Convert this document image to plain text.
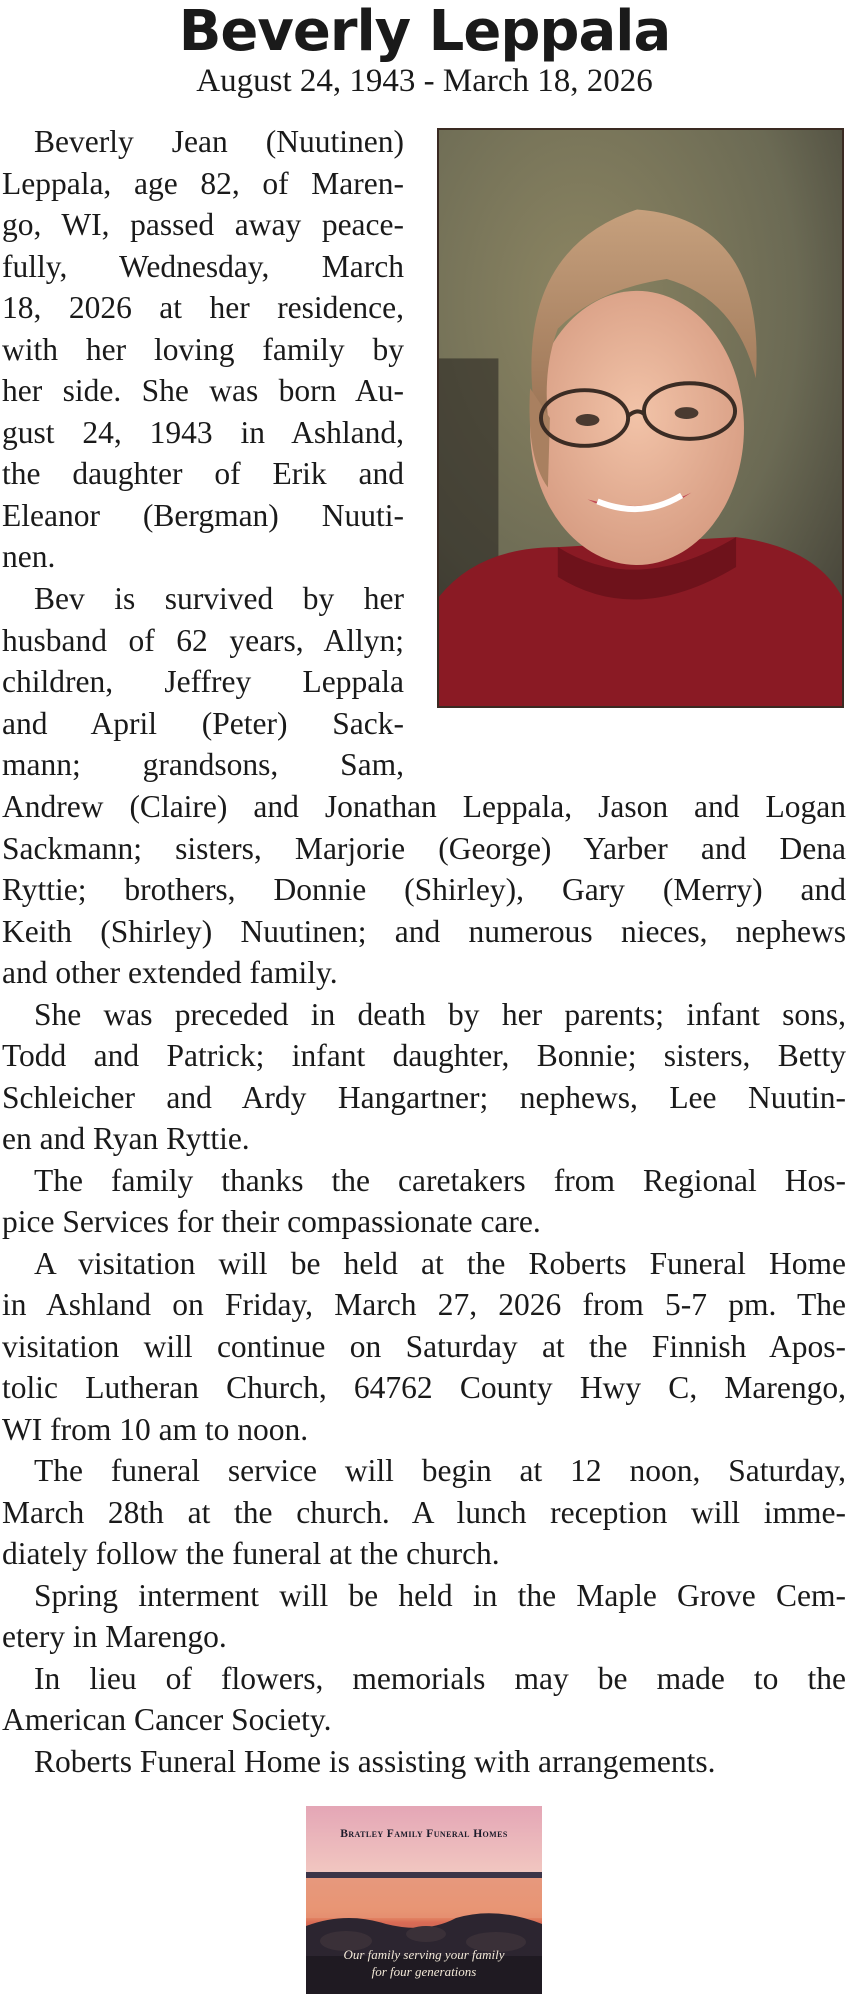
Beverly Leppala
August 24, 1943 - March 18, 2026
Beverly Jean (Nuutinen)
Leppala, age 82, of Maren-
go, WI, passed away peace-
fully, Wednesday, March
18, 2026 at her residence,
with her loving family by
her side. She was born Au-
gust 24, 1943 in Ashland,
the daughter of Erik and
Eleanor (Bergman) Nuuti-
nen.
Bev is survived by her
husband of 62 years, Allyn;
children, Jeffrey Leppala
and April (Peter) Sack-
mann; grandsons, Sam,
Andrew (Claire) and Jonathan Leppala, Jason and Logan
Sackmann; sisters, Marjorie (George) Yarber and Dena
Ryttie; brothers, Donnie (Shirley), Gary (Merry) and
Keith (Shirley) Nuutinen; and numerous nieces, nephews
and other extended family.
She was preceded in death by her parents; infant sons,
Todd and Patrick; infant daughter, Bonnie; sisters, Betty
Schleicher and Ardy Hangartner; nephews, Lee Nuutin-
en and Ryan Ryttie.
The family thanks the caretakers from Regional Hos-
pice Services for their compassionate care.
A visitation will be held at the Roberts Funeral Home
in Ashland on Friday, March 27, 2026 from 5-7 pm. The
visitation will continue on Saturday at the Finnish Apos-
tolic Lutheran Church, 64762 County Hwy C, Marengo,
WI from 10 am to noon.
The funeral service will begin at 12 noon, Saturday,
March 28th at the church. A lunch reception will imme-
diately follow the funeral at the church.
Spring interment will be held in the Maple Grove Cem-
etery in Marengo.
In lieu of flowers, memorials may be made to the
American Cancer Society.
Roberts Funeral Home is assisting with arrangements.
Bratley Family Funeral Homes
Our family serving your family
for four generations
